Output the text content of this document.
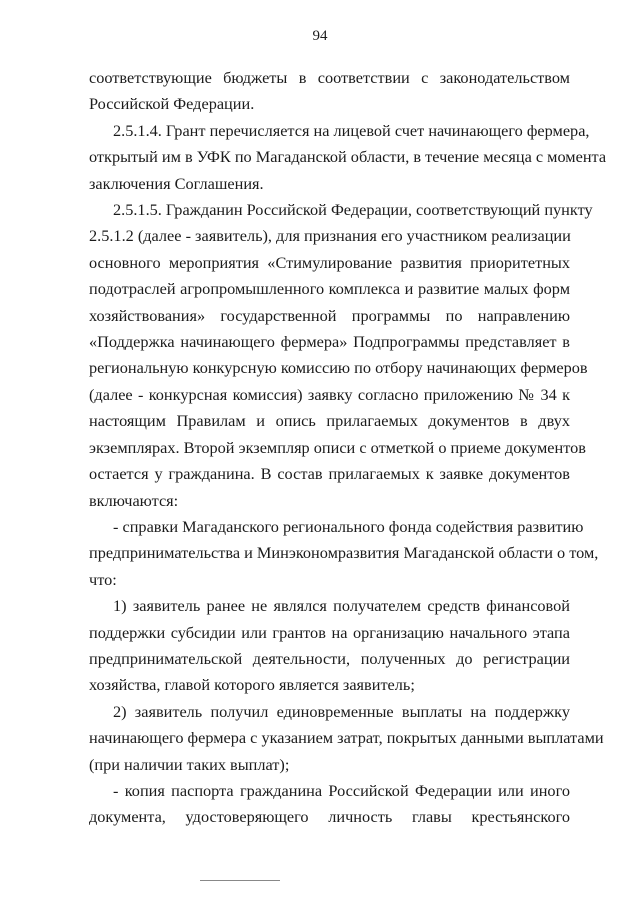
94
соответствующие бюджеты в соответствии с законодательством
Российской Федерации.
2.5.1.4. Грант перечисляется на лицевой счет начинающего фермера,
открытый им в УФК по Магаданской области, в течение месяца с момента
заключения Соглашения.
2.5.1.5. Гражданин Российской Федерации, соответствующий пункту
2.5.1.2 (далее - заявитель), для признания его участником реализации
основного мероприятия «Стимулирование развития приоритетных
подотраслей агропромышленного комплекса и развитие малых форм
хозяйствования» государственной программы по направлению
«Поддержка начинающего фермера» Подпрограммы представляет в
региональную конкурсную комиссию по отбору начинающих фермеров
(далее - конкурсная комиссия) заявку согласно приложению № 34 к
настоящим Правилам и опись прилагаемых документов в двух
экземплярах. Второй экземпляр описи с отметкой о приеме документов
остается у гражданина. В состав прилагаемых к заявке документов
включаются:
- справки Магаданского регионального фонда содействия развитию
предпринимательства и Минэкономразвития Магаданской области о том,
что:
1) заявитель ранее не являлся получателем средств финансовой
поддержки субсидии или грантов на организацию начального этапа
предпринимательской деятельности, полученных до регистрации
хозяйства, главой которого является заявитель;
2) заявитель получил единовременные выплаты на поддержку
начинающего фермера с указанием затрат, покрытых данными выплатами
(при наличии таких выплат);
- копия паспорта гражданина Российской Федерации или иного
документа, удостоверяющего личность главы крестьянского
